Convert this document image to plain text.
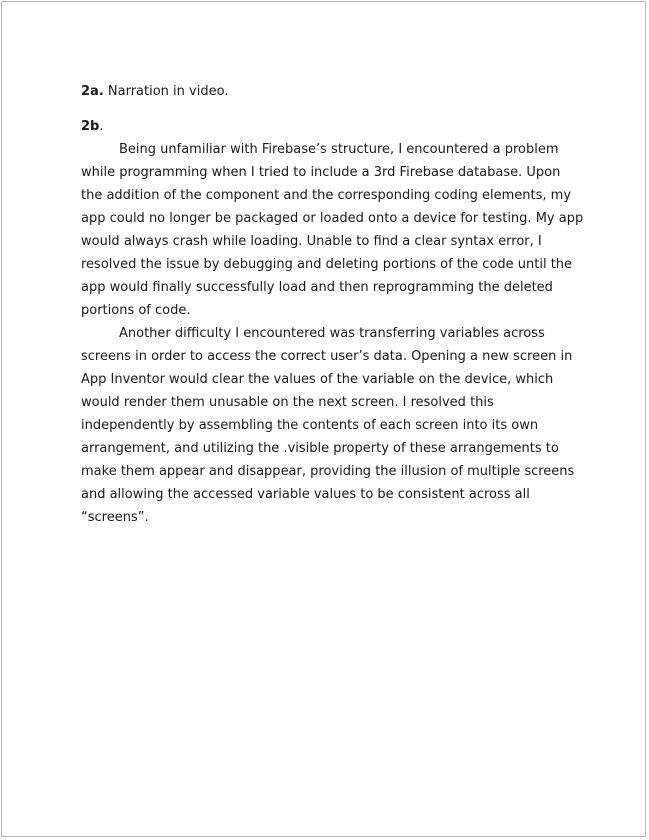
2a. Narration in video.
2b.
Being unfamiliar with Firebase’s structure, I encountered a problem
while programming when I tried to include a 3rd Firebase database. Upon
the addition of the component and the corresponding coding elements, my
app could no longer be packaged or loaded onto a device for testing. My app
would always crash while loading. Unable to find a clear syntax error, I
resolved the issue by debugging and deleting portions of the code until the
app would finally successfully load and then reprogramming the deleted
portions of code.
Another difficulty I encountered was transferring variables across
screens in order to access the correct user’s data. Opening a new screen in
App Inventor would clear the values of the variable on the device, which
would render them unusable on the next screen. I resolved this
independently by assembling the contents of each screen into its own
arrangement, and utilizing the .visible property of these arrangements to
make them appear and disappear, providing the illusion of multiple screens
and allowing the accessed variable values to be consistent across all
“screens”.
